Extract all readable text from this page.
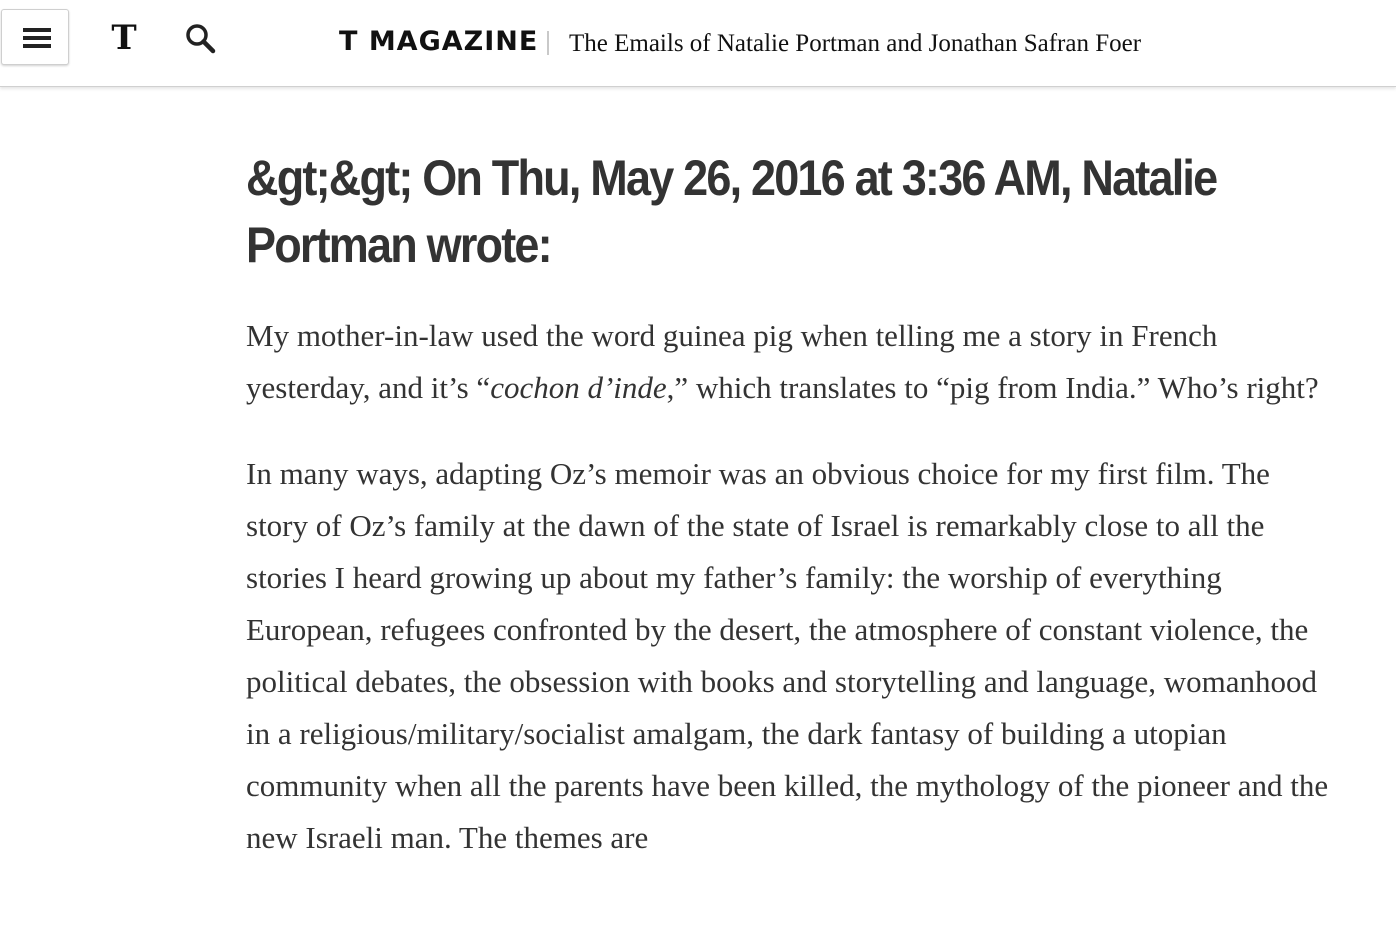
T	T MAGAZINE The Emails of Natalie Portman and Jonathan Safran Foer
&gt;&gt; On Thu, May 26, 2016 at 3:36 AM, Natalie Portman wrote:

My mother-in-law used the word guinea pig when telling me a story in French yesterday, and it’s “cochon d’inde,” which translates to “pig from India.” Who’s right?

In many ways, adapting Oz’s memoir was an obvious choice for my first film. The story of Oz’s family at the dawn of the state of Israel is remarkably close to all the stories I heard growing up about my father’s family: the worship of everything European, refugees confronted by the desert, the atmosphere of constant violence, the political debates, the obsession with books and storytelling and language, womanhood in a religious/military/socialist amalgam, the dark fantasy of building a utopian community when all the parents have been killed, the mythology of the pioneer and the new Israeli man. The themes are
